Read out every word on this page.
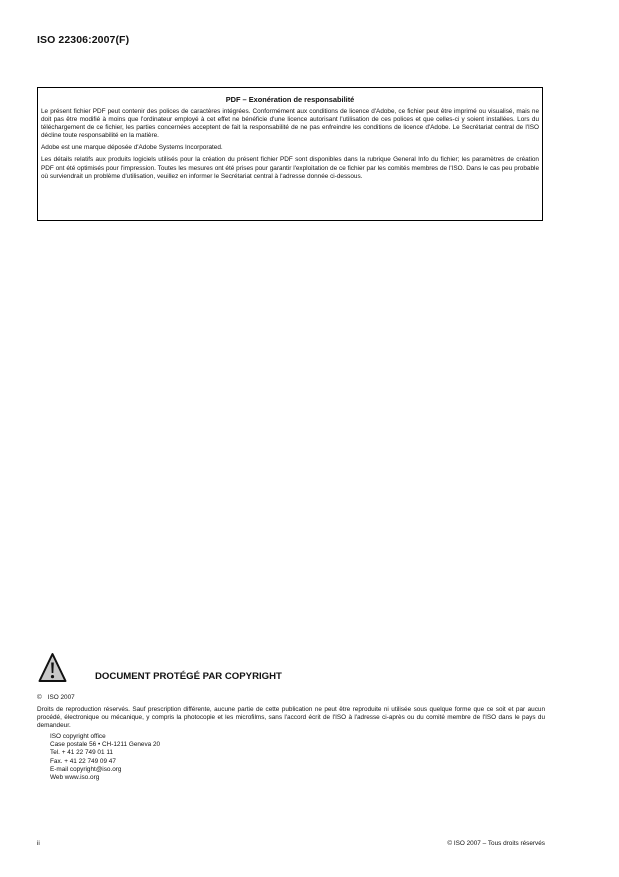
ISO 22306:2007(F)
PDF – Exonération de responsabilité

Le présent fichier PDF peut contenir des polices de caractères intégrées. Conformément aux conditions de licence d'Adobe, ce fichier peut être imprimé ou visualisé, mais ne doit pas être modifié à moins que l'ordinateur employé à cet effet ne bénéficie d'une licence autorisant l'utilisation de ces polices et que celles-ci y soient installées. Lors du téléchargement de ce fichier, les parties concernées acceptent de fait la responsabilité de ne pas enfreindre les conditions de licence d'Adobe. Le Secrétariat central de l'ISO décline toute responsabilité en la matière.

Adobe est une marque déposée d'Adobe Systems Incorporated.

Les détails relatifs aux produits logiciels utilisés pour la création du présent fichier PDF sont disponibles dans la rubrique General Info du fichier; les paramètres de création PDF ont été optimisés pour l'impression. Toutes les mesures ont été prises pour garantir l'exploitation de ce fichier par les comités membres de l'ISO. Dans le cas peu probable où surviendrait un problème d'utilisation, veuillez en informer le Secrétariat central à l'adresse donnée ci-dessous.

DOCUMENT PROTÉGÉ PAR COPYRIGHT
© ISO 2007
Droits de reproduction réservés. Sauf prescription différente, aucune partie de cette publication ne peut être reproduite ni utilisée sous quelque forme que ce soit et par aucun procédé, électronique ou mécanique, y compris la photocopie et les microfilms, sans l'accord écrit de l'ISO à l'adresse ci-après ou du comité membre de l'ISO dans le pays du demandeur.
ISO copyright office
Case postale 56 • CH-1211 Geneva 20
Tel. + 41 22 749 01 11
Fax. + 41 22 749 09 47
E-mail copyright@iso.org
Web www.iso.org
ii	© ISO 2007 – Tous droits réservés
